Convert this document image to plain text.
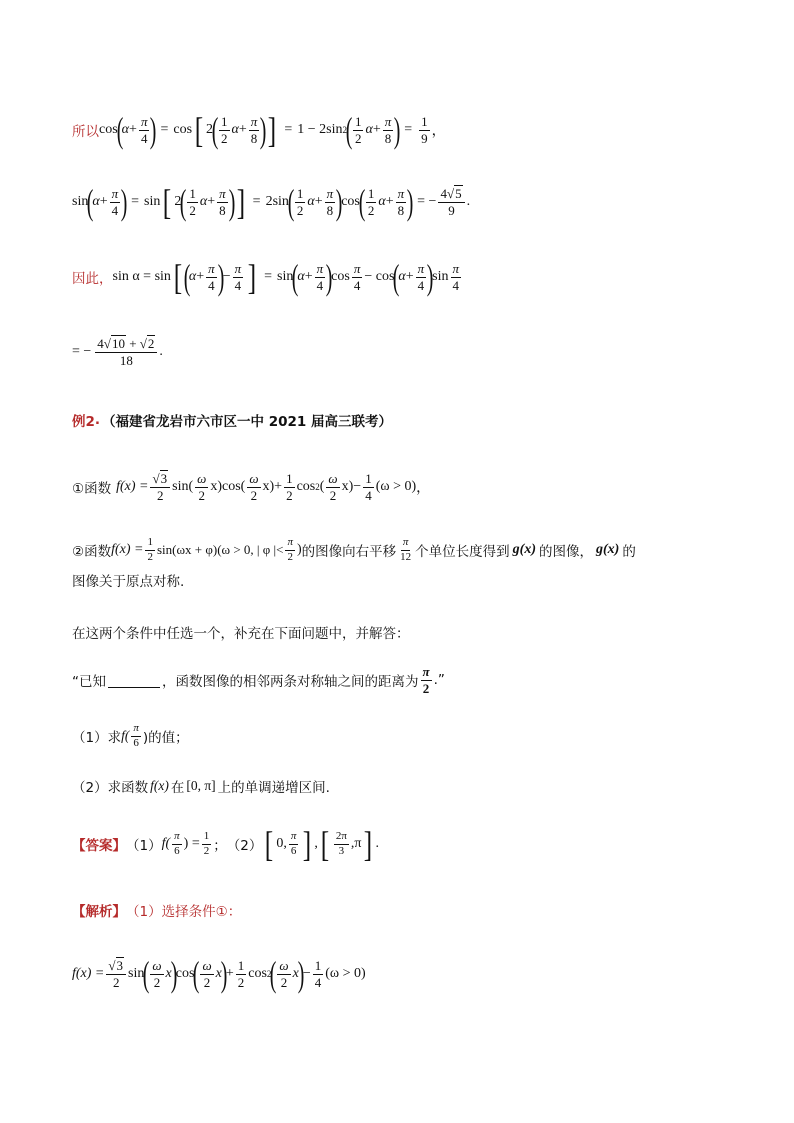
所以 cos
(
$\alpha + \frac{\pi}{4}$ ) = cos [ 2
( $\frac{1}{2}$ $\alpha + \frac{\pi}{8}$ ) ] = 1 − 2sin 2
( $\frac{1}{2}$ $\alpha + \frac{\pi}{8}$ ) = $\frac{1}{9}$ ，
sin
(
$\alpha + \frac{\pi}{4}$ ) = sin [ 2
( $\frac{1}{2}$ $\alpha + \frac{\pi}{8}$ ) ] = 2sin
( $\frac{1}{2}$ $\alpha + \frac{\pi}{8}$ )
cos
( $\frac{1}{2}$ $\alpha + \frac{\pi}{8}$ ) = − $\frac{4√5}{9}$ .
因此， sin α = sin [ (
$\alpha + \frac{\pi}{4}$ )
− $\frac{\pi}{4}$ ] = sin
(
$\alpha + \frac{\pi}{4}$ )
$\cos \frac{\pi}{4} - \cos$
(
$\alpha + \frac{\pi}{4}$ )
$\sin \frac{\pi}{4}$
= − $\frac{4√10 + √2}{18}$ .
例2 . （福建省龙岩市六市区一中 2021 届高三联考）
①函数 $f(x) = \frac{√3}{2} \sin( \frac{\omega}{2} x)\cos( \frac{\omega}{2} x) + \frac{1}{2}$ cos 2 ( $\frac{\omega}{2} x) - \frac{1}{4} (\omega > 0)$ ，
②函数 $f(x) = \frac{1}{2} \sin(\omega x + \varphi)(\omega > 0$, | φ |< $\frac{\pi}{2}$ ) 的图像向右平移 $\frac{\pi}{12}$ 个单位长度得到 g(x) 的图像， g(x) 的
图像关于原点对称.
在这两个条件中任选一个，补充在下面问题中，并解答：
“已知	，函数图像的相邻两条对称轴之间的距离为 $\frac{\pi}{2}$ .”
（1）求 $f( \frac{\pi}{6}$ )的值；
（2）求函数 f(x) 在 [0, π] 上的单调递增区间.
【答案】 （1） $f( \frac{\pi}{6}$ ) = $\frac{1}{2}$ ； （2） [ 0, $\frac{\pi}{6}$ ] , [ $\frac{2\pi}{3} ,\pi$ ] .
【解析】 （1）选择条件①：
$f(x) = \frac{√3}{2}$ sin
( $\frac{\omega}{2}$ x
)
cos
( $\frac{\omega}{2}$ x
)
+ $\frac{1}{2}$ cos 2
( $\frac{\omega}{2}$ x
)
− $\frac{1}{4} (\omega > 0)$
